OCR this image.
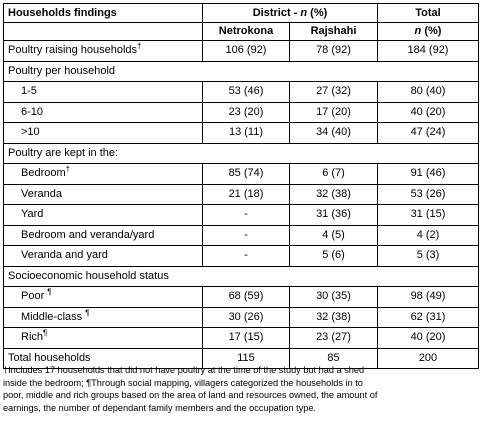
Households findings	District - n (%)		Total
	Netrokona	Rajshahi	n (%)
Poultry raising households†	106 (92)	78 (92)	184 (92)
Poultry per household			
1-5	53 (46)	27 (32)	80 (40)
6-10	23 (20)	17 (20)	40 (20)
>10	13 (11)	34 (40)	47 (24)
Poultry are kept in the:			
Bedroom†	85 (74)	6 (7)	91 (46)
Veranda	21 (18)	32 (38)	53 (26)
Yard	-	31 (36)	31 (15)
Bedroom and veranda/yard	-	4 (5)	4 (2)
Veranda and yard	-	5 (6)	5 (3)
Socioeconomic household status			
Poor ¶	68 (59)	30 (35)	98 (49)
Middle-class ¶	30 (26)	32 (38)	62 (31)
Rich¶	17 (15)	23 (27)	40 (20)
Total households	115	85	200
†Includes 17 households that did not have poultry at the time of the study but had a shed
inside the bedroom; ¶Through social mapping, villagers categorized the households in to
poor, middle and rich groups based on the area of land and resources owned, the amount of
earnings, the number of dependant family members and the occupation type.
